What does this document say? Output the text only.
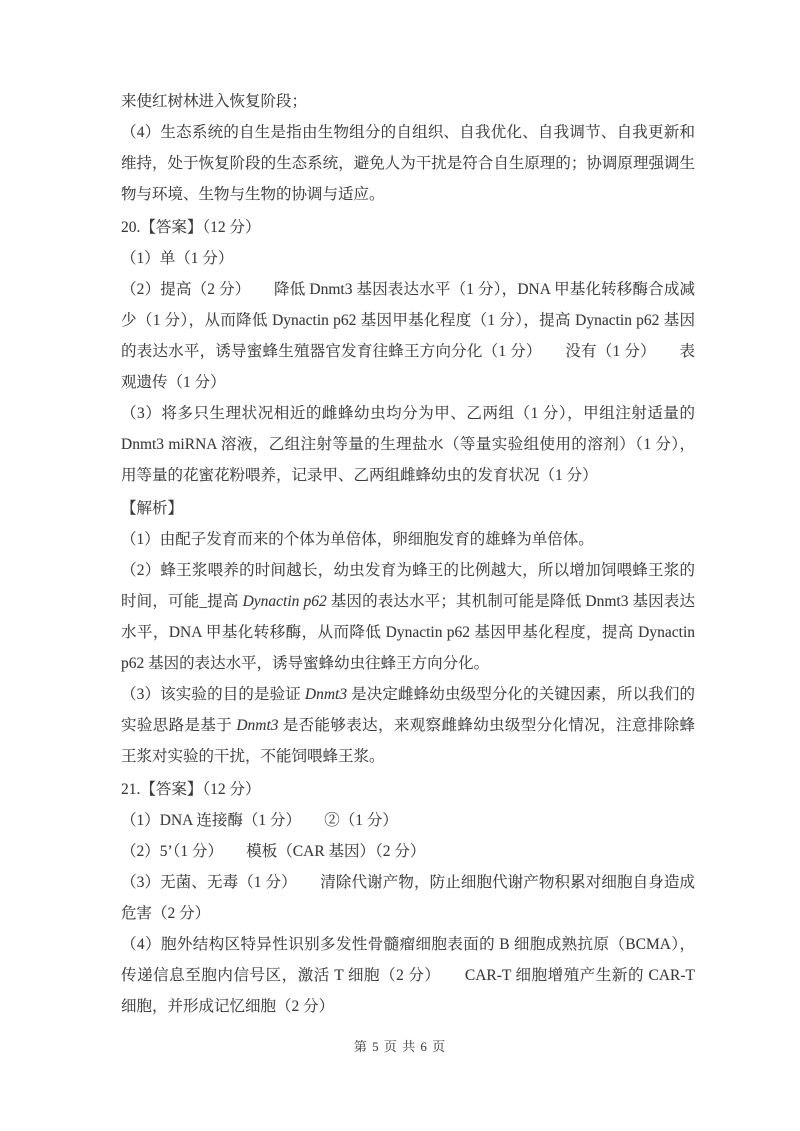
来使红树林进入恢复阶段；

（4）生态系统的自生是指由生物组分的自组织、自我优化、自我调节、自我更新和维持，处于恢复阶段的生态系统，避免人为干扰是符合自生原理的；协调原理强调生物与环境、生物与生物的协调与适应。

20.【答案】（12 分）

（1）单（1 分）

（2）提高（2 分）　　降低 Dnmt3 基因表达水平（1 分），DNA 甲基化转移酶合成减少（1 分），从而降低 Dynactin p62 基因甲基化程度（1 分），提高 Dynactin p62 基因的表达水平，诱导蜜蜂生殖器官发育往蜂王方向分化（1 分）　　没有（1 分）　　表观遗传（1 分）

（3）将多只生理状况相近的雌蜂幼虫均分为甲、乙两组（1 分），甲组注射适量的 Dnmt3 miRNA 溶液，乙组注射等量的生理盐水（等量实验组使用的溶剂）（1 分），用等量的花蜜花粉喂养，记录甲、乙两组雌蜂幼虫的发育状况（1 分）

【解析】

（1）由配子发育而来的个体为单倍体，卵细胞发育的雄蜂为单倍体。

（2）蜂王浆喂养的时间越长，幼虫发育为蜂王的比例越大，所以增加饲喂蜂王浆的时间，可能_提高 Dynactin p62 基因的表达水平；其机制可能是降低 Dnmt3 基因表达水平，DNA 甲基化转移酶，从而降低 Dynactin p62 基因甲基化程度，提高 Dynactin p62 基因的表达水平，诱导蜜蜂幼虫往蜂王方向分化。

（3）该实验的目的是验证 Dnmt3 是决定雌蜂幼虫级型分化的关键因素，所以我们的实验思路是基于 Dnmt3 是否能够表达，来观察雌蜂幼虫级型分化情况，注意排除蜂王浆对实验的干扰，不能饲喂蜂王浆。

21.【答案】（12 分）

（1）DNA 连接酶（1 分）　　②（1 分）

（2）5’（1 分）　　模板（CAR 基因）（2 分）

（3）无菌、无毒（1 分）　　清除代谢产物，防止细胞代谢产物积累对细胞自身造成危害（2 分）

（4）胞外结构区特异性识别多发性骨髓瘤细胞表面的 B 细胞成熟抗原（BCMA），传递信息至胞内信号区，激活 T 细胞（2 分）　　CAR-T 细胞增殖产生新的 CAR-T 细胞，并形成记忆细胞（2 分）

第 5 页 共 6 页
